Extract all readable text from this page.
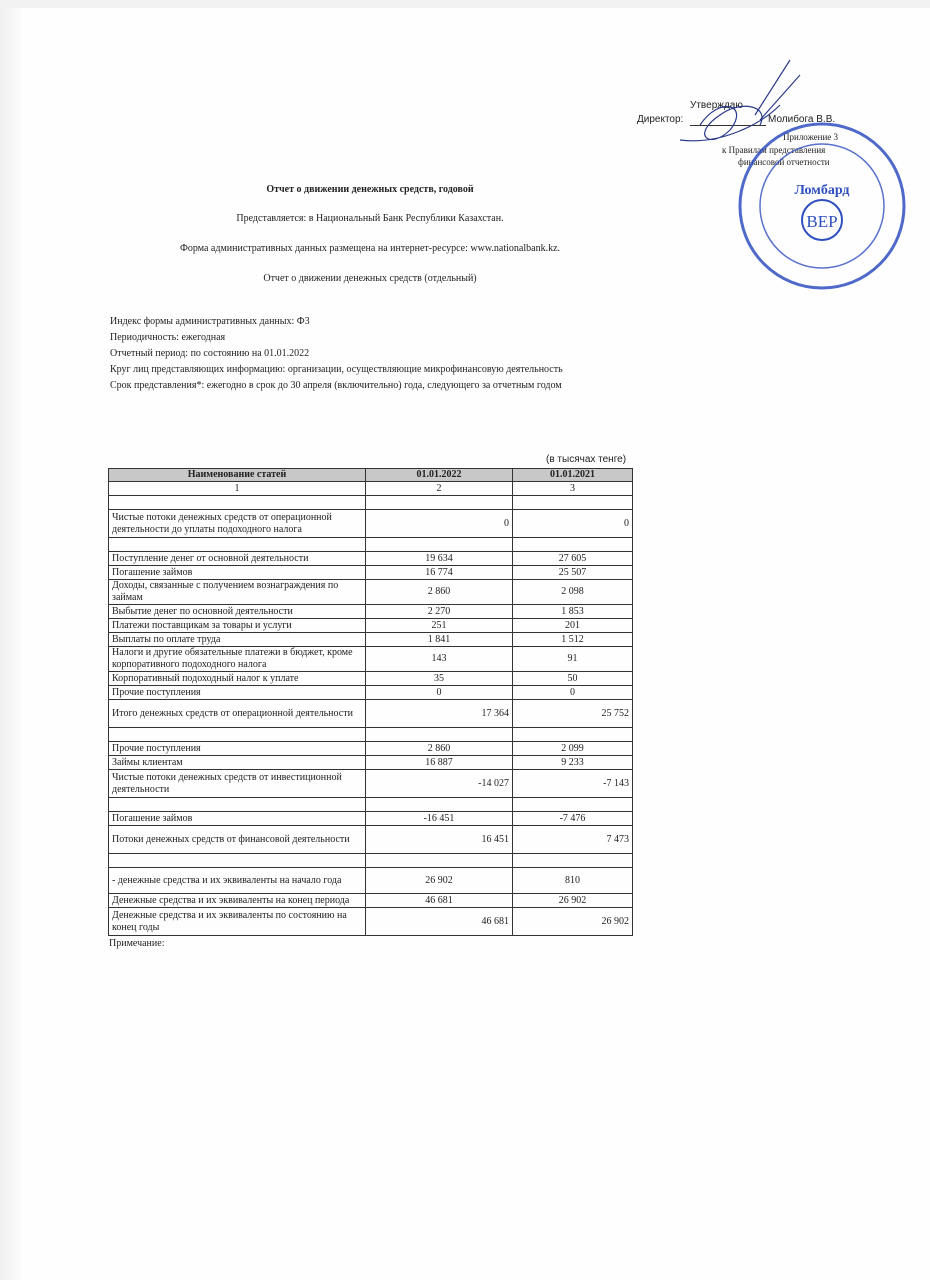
Утверждаю
Директор:	Молибога В.В.
Приложение 3
к Правилам представления
финансовой отчетности
ВЕР
Ломбард
Отчет о движении денежных средств, годовой
Представляется: в Национальный Банк Республики Казахстан.
Форма административных данных размещена на интернет-ресурсе: www.nationalbank.kz.
Отчет о движении денежных средств (отдельный)
Индекс формы административных данных: Ф3
Периодичность: ежегодная
Отчетный период: по состоянию на 01.01.2022
Круг лиц представляющих информацию: организации, осуществляющие микрофинансовую деятельность
Срок представления*: ежегодно в срок до 30 апреля (включительно) года, следующего за отчетным годом
(в тысячах тенге)
Наименование статей	01.01.2022	01.01.2021
1	2	3

Чистые потоки денежных средств от операционной деятельности до уплаты подоходного налога	0	0

Поступление денег от основной деятельности	19 634	27 605
Погашение займов	16 774	25 507

Доходы, связанные с получением вознаграждения по займам	2 860	2 098
Выбытие денег по основной деятельности	2 270	1 853
Платежи поставщикам за товары и услуги	251	201
Выплаты по оплате труда	1 841	1 512

Налоги и другие обязательные платежи в бюджет, кроме корпоративного подоходного налога	143	91
Корпоративный подоходный налог к уплате	35	50
Прочие поступления	0	0
Итого денежных средств от операционной деятельности	17 364	25 752

Прочие поступления	2 860	2 099
Займы клиентам	16 887	9 233
Чистые потоки денежных средств от инвестиционной деятельности	-14 027	-7 143

Погашение займов	-16 451	-7 476
Потоки денежных средств от финансовой деятельности	16 451	7 473

- денежные средства и их эквиваленты на начало года	26 902	810
Денежные средства и их эквиваленты на конец периода	46 681	26 902
Денежные средства и их эквиваленты по состоянию на конец годы	46 681	26 902
Примечание:
